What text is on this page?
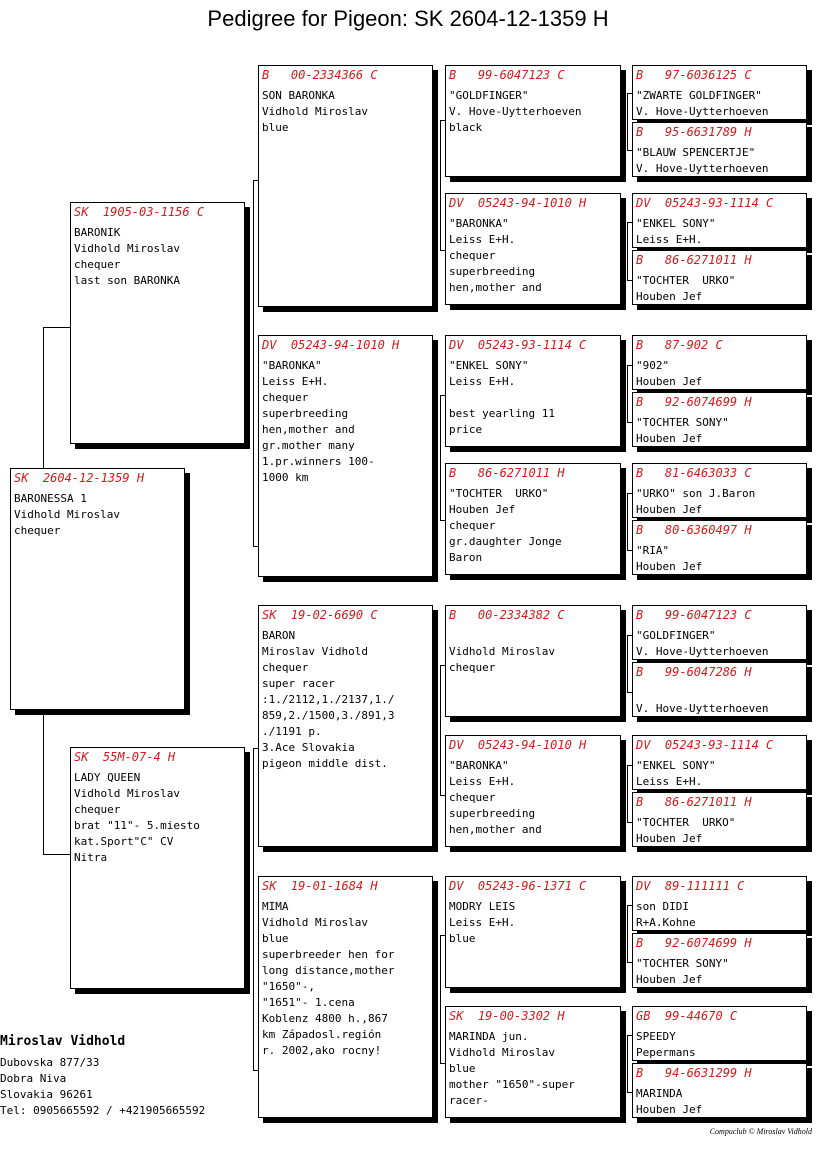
Pedigree for Pigeon: SK 2604-12-1359 H
SK  2604-12-1359 H
BARONESSA 1
Vidhold Miroslav
chequer
SK  1905-03-1156 C
BARONIK
Vidhold Miroslav
chequer
last son BARONKA
SK  55M-07-4 H
LADY QUEEN
Vidhold Miroslav
chequer
brat "11"- 5.miesto
kat.Sport"C" CV
Nitra
B   00-2334366 C
SON BARONKA
Vidhold Miroslav
blue
DV  05243-94-1010 H
"BARONKA"
Leiss E+H.
chequer
superbreeding
hen,mother and
gr.mother many
1.pr.winners 100-
1000 km
SK  19-02-6690 C
BARON
Miroslav Vidhold
chequer
super racer
:1./2112,1./2137,1./
859,2./1500,3./891,3
./1191 p.
3.Ace Slovakia
pigeon middle dist.
SK  19-01-1684 H
MIMA
Vidhold Miroslav
blue
superbreeder hen for
long distance,mother
"1650"-,
"1651"- 1.cena
Koblenz 4800 h.,867
km Západosl.región
r. 2002,ako rocny!
B   99-6047123 C
"GOLDFINGER"
V. Hove-Uytterhoeven
black
DV  05243-94-1010 H
"BARONKA"
Leiss E+H.
chequer
superbreeding
hen,mother and
DV  05243-93-1114 C
"ENKEL SONY"
Leiss E+H.

best yearling 11
price
B   86-6271011 H
"TOCHTER  URKO"
Houben Jef
chequer
gr.daughter Jonge
Baron
B   00-2334382 C

Vidhold Miroslav
chequer
DV  05243-94-1010 H
"BARONKA"
Leiss E+H.
chequer
superbreeding
hen,mother and
DV  05243-96-1371 C
MODRY LEIS
Leiss E+H.
blue
SK  19-00-3302 H
MARINDA jun.
Vidhold Miroslav
blue
mother "1650"-super
racer-
B   97-6036125 C
"ZWARTE GOLDFINGER"
V. Hove-Uytterhoeven
B   95-6631789 H
"BLAUW SPENCERTJE"
V. Hove-Uytterhoeven
DV  05243-93-1114 C
"ENKEL SONY"
Leiss E+H.
B   86-6271011 H
"TOCHTER  URKO"
Houben Jef
B   87-902 C
"902"
Houben Jef
B   92-6074699 H
"TOCHTER SONY"
Houben Jef
B   81-6463033 C
"URKO" son J.Baron
Houben Jef
B   80-6360497 H
"RIA"
Houben Jef
B   99-6047123 C
"GOLDFINGER"
V. Hove-Uytterhoeven
B   99-6047286 H

V. Hove-Uytterhoeven
DV  05243-93-1114 C
"ENKEL SONY"
Leiss E+H.
B   86-6271011 H
"TOCHTER  URKO"
Houben Jef
DV  89-111111 C
son DIDI
R+A.Kohne
B   92-6074699 H
"TOCHTER SONY"
Houben Jef
GB  99-44670 C
SPEEDY
Pepermans
B   94-6631299 H
MARINDA
Houben Jef
Miroslav Vidhold
Dubovska 877/33
Dobra Niva
Slovakia 96261
Tel: 0905665592 / +421905665592
Compuclub © Miroslav Vidhold
